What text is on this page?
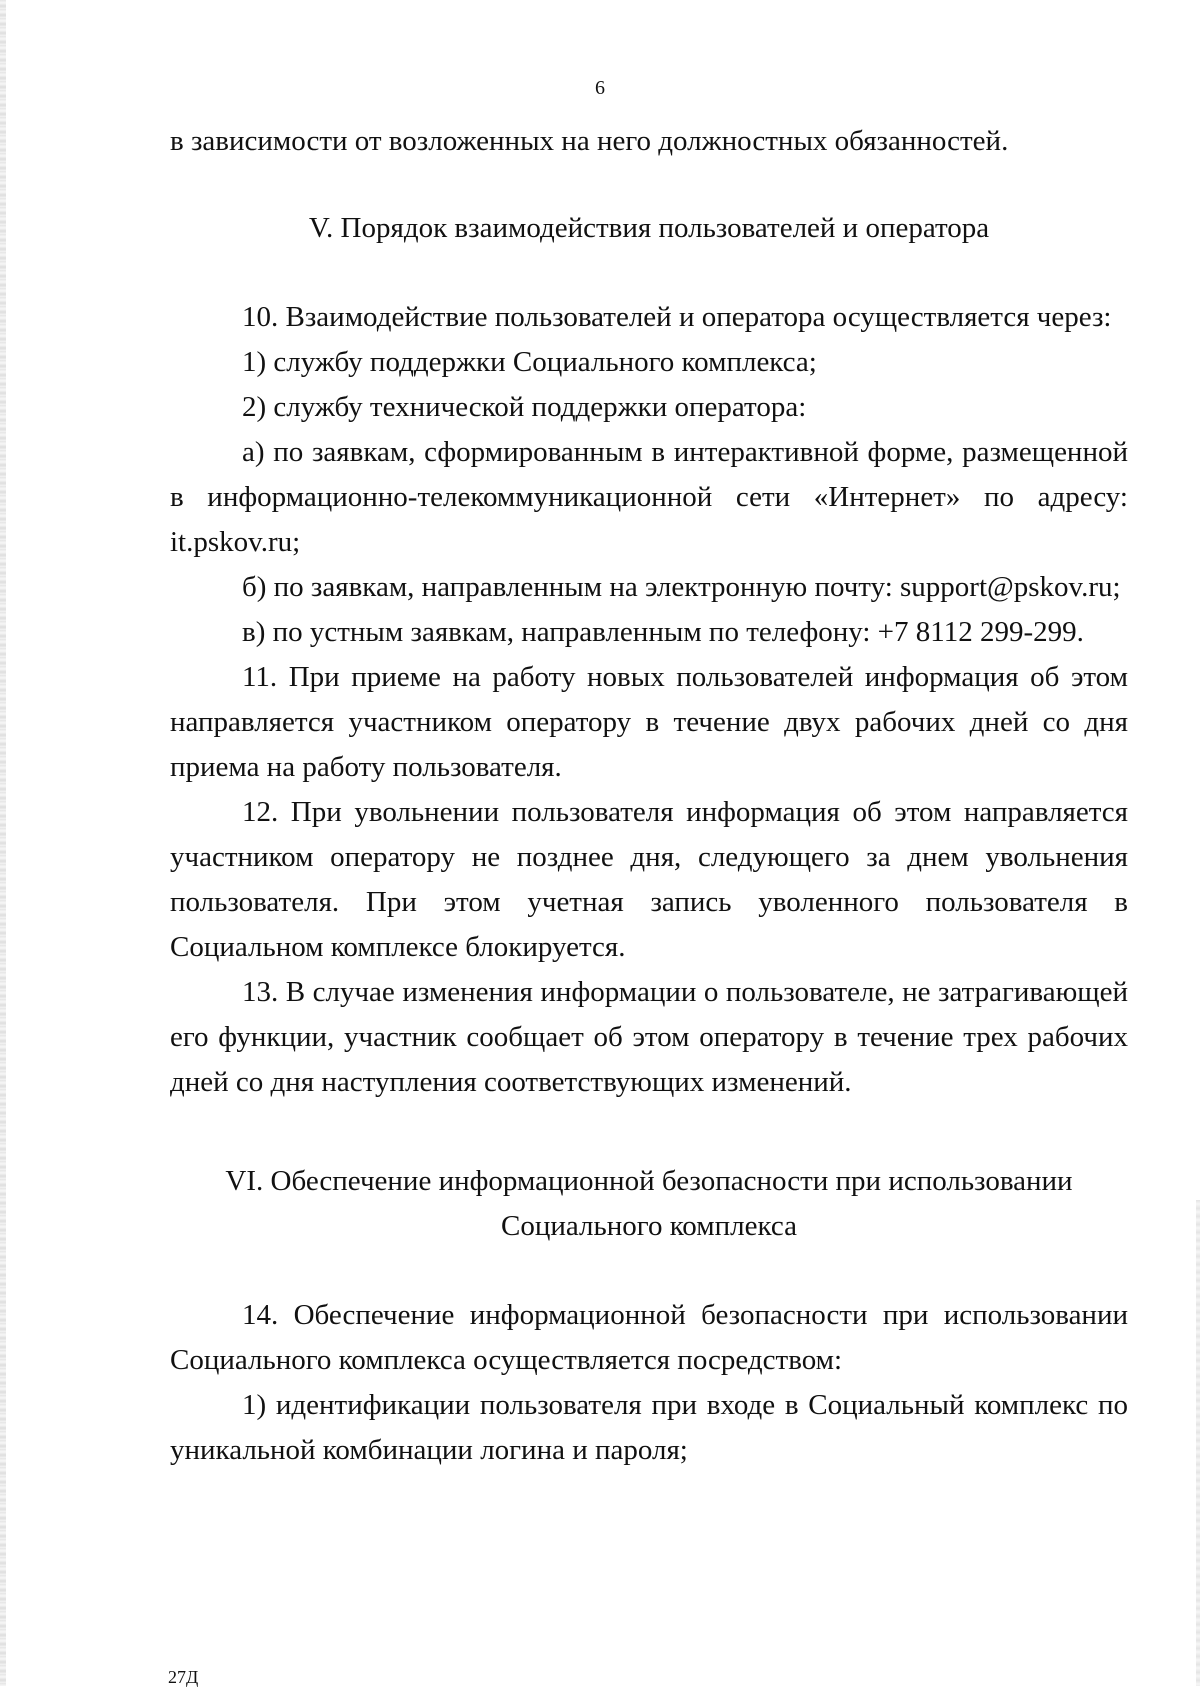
6

в зависимости от возложенных на него должностных обязанностей.

V. Порядок взаимодействия пользователей и оператора

10. Взаимодействие пользователей и оператора осуществляется через:

1) службу поддержки Социального комплекса;

2) службу технической поддержки оператора:

а) по заявкам, сформированным в интерактивной форме, размещенной в информационно-телекоммуникационной сети «Интернет» по адресу: it.pskov.ru;

б) по заявкам, направленным на электронную почту: support@pskov.ru;

в) по устным заявкам, направленным по телефону: +7 8112 299-299.

11. При приеме на работу новых пользователей информация об этом направляется участником оператору в течение двух рабочих дней со дня приема на работу пользователя.

12. При увольнении пользователя информация об этом направляется участником оператору не позднее дня, следующего за днем увольнения пользователя. При этом учетная запись уволенного пользователя в Социальном комплексе блокируется.

13. В случае изменения информации о пользователе, не затрагивающей его функции, участник сообщает об этом оператору в течение трех рабочих дней со дня наступления соответствующих изменений.

VI. Обеспечение информационной безопасности при использовании
Социального комплекса

14. Обеспечение информационной безопасности при использовании Социального комплекса осуществляется посредством:

1) идентификации пользователя при входе в Социальный комплекс по уникальной комбинации логина и пароля;

27Д
